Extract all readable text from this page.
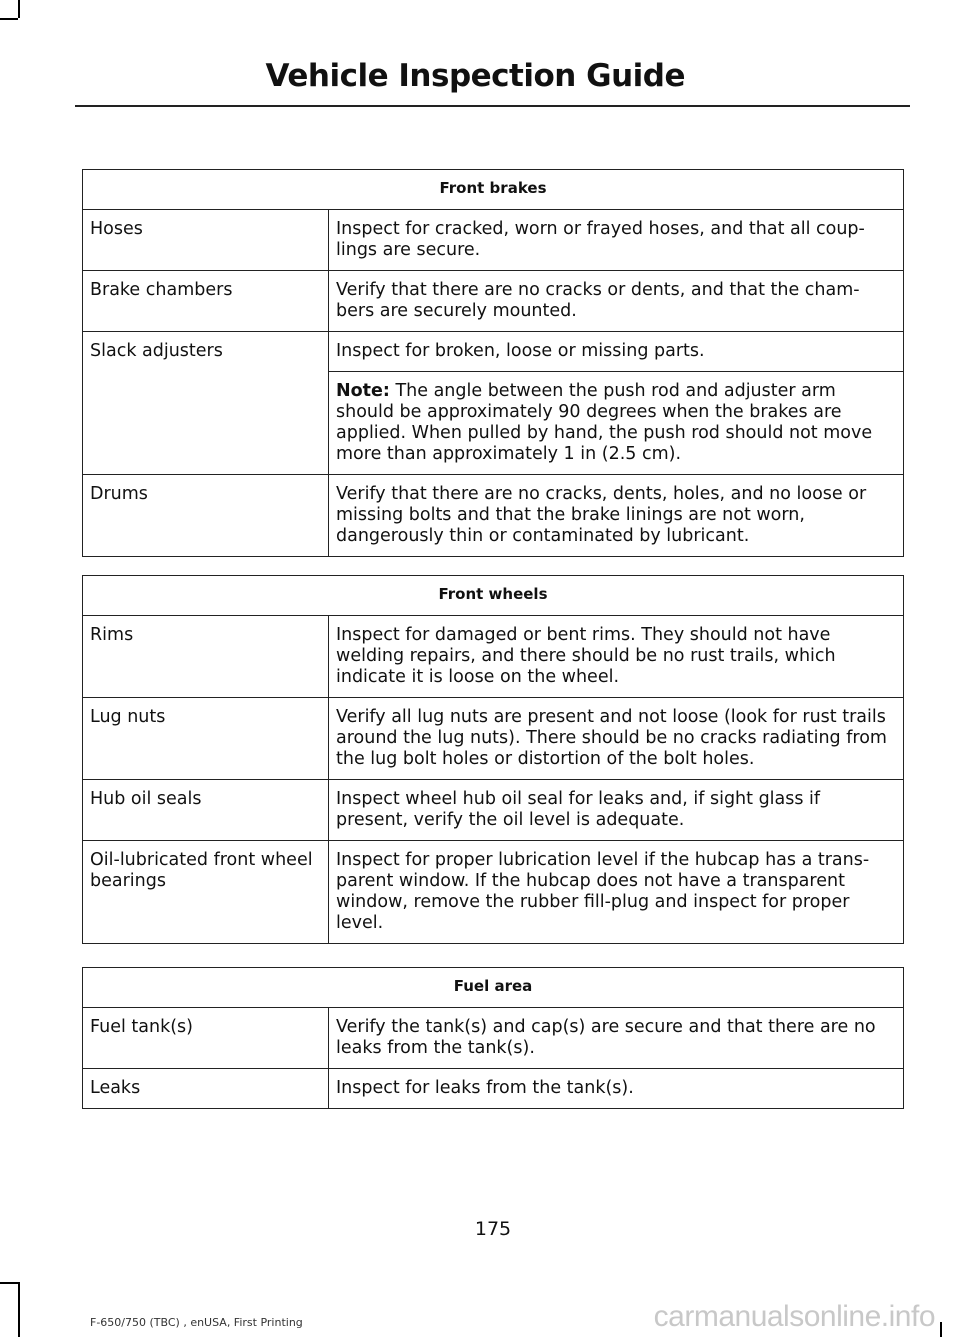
Vehicle Inspection Guide
Front brakes	
Hoses	Inspect for cracked, worn or frayed hoses, and that all coup-lings are secure.
Brake chambers	Verify that there are no cracks or dents, and that the cham-bers are securely mounted.
Slack adjusters	Inspect for broken, loose or missing parts.
	Note: The angle between the push rod and adjuster arm should be approximately 90 degrees when the brakes are applied. When pulled by hand, the push rod should not move more than approximately 1 in (2.5 cm).
Drums	Verify that there are no cracks, dents, holes, and no loose or missing bolts and that the brake linings are not worn, dangerously thin or contaminated by lubricant.
Front wheels	
Rims	Inspect for damaged or bent rims. They should not have welding repairs, and there should be no rust trails, which indicate it is loose on the wheel.
Lug nuts	Verify all lug nuts are present and not loose (look for rust trails around the lug nuts). There should be no cracks radiating from the lug bolt holes or distortion of the bolt holes.
Hub oil seals	Inspect wheel hub oil seal for leaks and, if sight glass if present, verify the oil level is adequate.
Oil-lubricated front wheel bearings	Inspect for proper lubrication level if the hubcap has a trans-parent window. If the hubcap does not have a transparent window, remove the rubber fill-plug and inspect for proper level.
Fuel area	
Fuel tank(s)	Verify the tank(s) and cap(s) are secure and that there are no leaks from the tank(s).
Leaks	Inspect for leaks from the tank(s).
175
F-650/750 (TBC) , enUSA, First Printing	carmanualsonline.info
